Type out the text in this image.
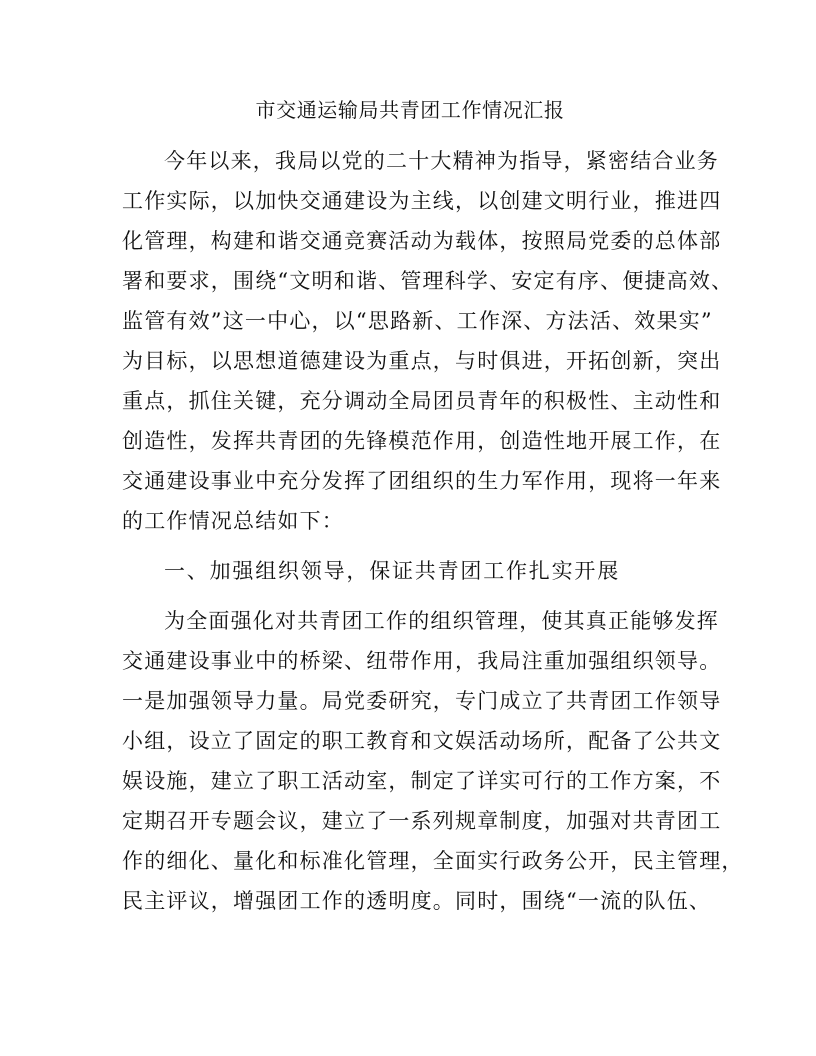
市交通运输局共青团工作情况汇报
今年以来，我局以党的二十大精神为指导，紧密结合业务
工作实际，以加快交通建设为主线，以创建文明行业，推进四
化管理，构建和谐交通竞赛活动为载体，按照局党委的总体部
署和要求，围绕“文明和谐、管理科学、安定有序、便捷高效、
监管有效”这一中心，以“思路新、工作深、方法活、效果实”
为目标，以思想道德建设为重点，与时俱进，开拓创新，突出
重点，抓住关键，充分调动全局团员青年的积极性、主动性和
创造性，发挥共青团的先锋模范作用，创造性地开展工作，在
交通建设事业中充分发挥了团组织的生力军作用，现将一年来
的工作情况总结如下：
一、加强组织领导，保证共青团工作扎实开展
为全面强化对共青团工作的组织管理，使其真正能够发挥
交通建设事业中的桥梁、纽带作用，我局注重加强组织领导。
一是加强领导力量。局党委研究，专门成立了共青团工作领导
小组，设立了固定的职工教育和文娱活动场所，配备了公共文
娱设施，建立了职工活动室，制定了详实可行的工作方案，不
定期召开专题会议，建立了一系列规章制度，加强对共青团工
作的细化、量化和标准化管理，全面实行政务公开，民主管理，
民主评议，增强团工作的透明度。同时，围绕“一流的队伍、
